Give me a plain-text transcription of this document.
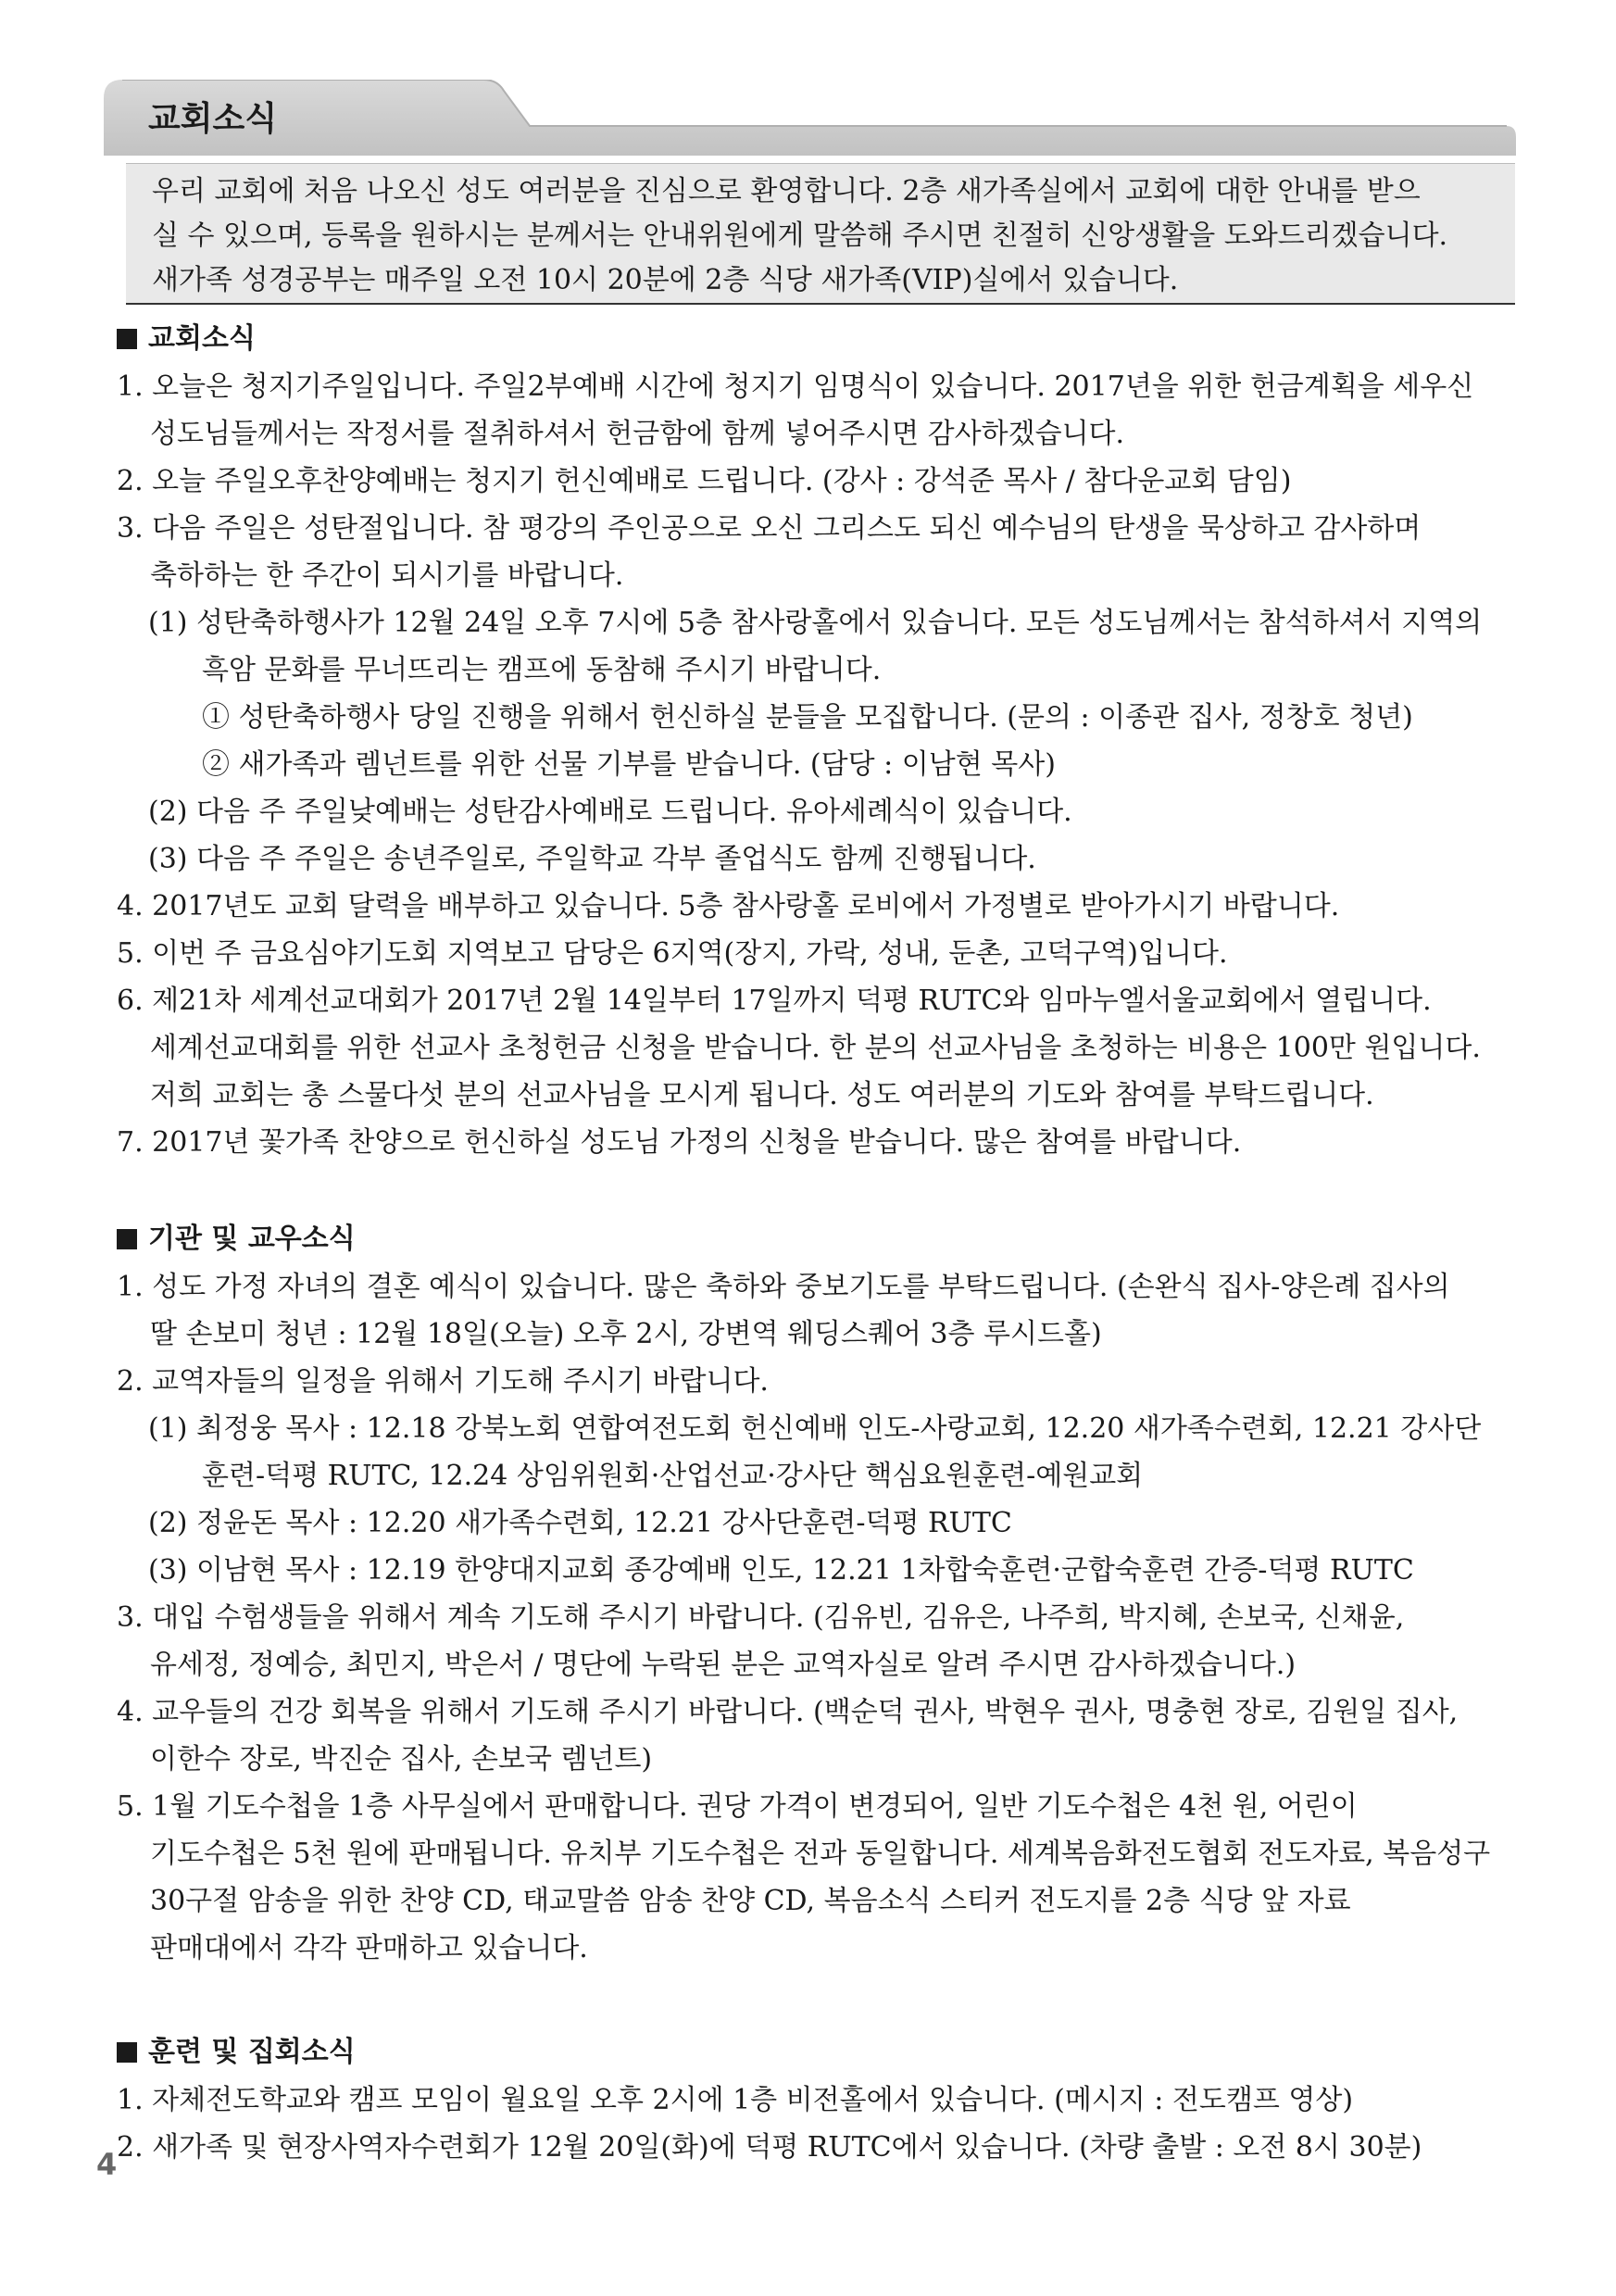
교회소식

우리 교회에 처음 나오신 성도 여러분을 진심으로 환영합니다. 2층 새가족실에서 교회에 대한 안내를 받으

실 수 있으며, 등록을 원하시는 분께서는 안내위원에게 말씀해 주시면 친절히 신앙생활을 도와드리겠습니다.

새가족 성경공부는 매주일 오전 10시 20분에 2층 식당 새가족(VIP)실에서 있습니다.

교회소식

1. 오늘은 청지기주일입니다. 주일2부예배 시간에 청지기 임명식이 있습니다. 2017년을 위한 헌금계획을 세우신

성도님들께서는 작정서를 절취하셔서 헌금함에 함께 넣어주시면 감사하겠습니다.

2. 오늘 주일오후찬양예배는 청지기 헌신예배로 드립니다. (강사 : 강석준 목사 / 참다운교회 담임)

3. 다음 주일은 성탄절입니다. 참 평강의 주인공으로 오신 그리스도 되신 예수님의 탄생을 묵상하고 감사하며

축하하는 한 주간이 되시기를 바랍니다.

(1) 성탄축하행사가 12월 24일 오후 7시에 5층 참사랑홀에서 있습니다. 모든 성도님께서는 참석하셔서 지역의

흑암 문화를 무너뜨리는 캠프에 동참해 주시기 바랍니다.

① 성탄축하행사 당일 진행을 위해서 헌신하실 분들을 모집합니다. (문의 : 이종관 집사, 정창호 청년)

② 새가족과 렘넌트를 위한 선물 기부를 받습니다. (담당 : 이남현 목사)

(2) 다음 주 주일낮예배는 성탄감사예배로 드립니다. 유아세례식이 있습니다.

(3) 다음 주 주일은 송년주일로, 주일학교 각부 졸업식도 함께 진행됩니다.

4. 2017년도 교회 달력을 배부하고 있습니다. 5층 참사랑홀 로비에서 가정별로 받아가시기 바랍니다.

5. 이번 주 금요심야기도회 지역보고 담당은 6지역(장지, 가락, 성내, 둔촌, 고덕구역)입니다.

6. 제21차 세계선교대회가 2017년 2월 14일부터 17일까지 덕평 RUTC와 임마누엘서울교회에서 열립니다.

세계선교대회를 위한 선교사 초청헌금 신청을 받습니다. 한 분의 선교사님을 초청하는 비용은 100만 원입니다.

저희 교회는 총 스물다섯 분의 선교사님을 모시게 됩니다. 성도 여러분의 기도와 참여를 부탁드립니다.

7. 2017년 꽃가족 찬양으로 헌신하실 성도님 가정의 신청을 받습니다. 많은 참여를 바랍니다.

기관 및 교우소식

1. 성도 가정 자녀의 결혼 예식이 있습니다. 많은 축하와 중보기도를 부탁드립니다. (손완식 집사-양은례 집사의

딸 손보미 청년 : 12월 18일(오늘) 오후 2시, 강변역 웨딩스퀘어 3층 루시드홀)

2. 교역자들의 일정을 위해서 기도해 주시기 바랍니다.

(1) 최정웅 목사 : 12.18 강북노회 연합여전도회 헌신예배 인도-사랑교회, 12.20 새가족수련회, 12.21 강사단

훈련-덕평 RUTC, 12.24 상임위원회·산업선교·강사단 핵심요원훈련-예원교회

(2) 정윤돈 목사 : 12.20 새가족수련회, 12.21 강사단훈련-덕평 RUTC

(3) 이남현 목사 : 12.19 한양대지교회 종강예배 인도, 12.21 1차합숙훈련·군합숙훈련 간증-덕평 RUTC

3. 대입 수험생들을 위해서 계속 기도해 주시기 바랍니다. (김유빈, 김유은, 나주희, 박지혜, 손보국, 신채윤,

유세정, 정예승, 최민지, 박은서 / 명단에 누락된 분은 교역자실로 알려 주시면 감사하겠습니다.)

4. 교우들의 건강 회복을 위해서 기도해 주시기 바랍니다. (백순덕 권사, 박현우 권사, 명충현 장로, 김원일 집사,

이한수 장로, 박진순 집사, 손보국 렘넌트)

5. 1월 기도수첩을 1층 사무실에서 판매합니다. 권당 가격이 변경되어, 일반 기도수첩은 4천 원, 어린이

기도수첩은 5천 원에 판매됩니다. 유치부 기도수첩은 전과 동일합니다. 세계복음화전도협회 전도자료, 복음성구

30구절 암송을 위한 찬양 CD, 태교말씀 암송 찬양 CD, 복음소식 스티커 전도지를 2층 식당 앞 자료

판매대에서 각각 판매하고 있습니다.

훈련 및 집회소식

1. 자체전도학교와 캠프 모임이 월요일 오후 2시에 1층 비전홀에서 있습니다. (메시지 : 전도캠프 영상)

2. 새가족 및 현장사역자수련회가 12월 20일(화)에 덕평 RUTC에서 있습니다. (차량 출발 : 오전 8시 30분)

4
